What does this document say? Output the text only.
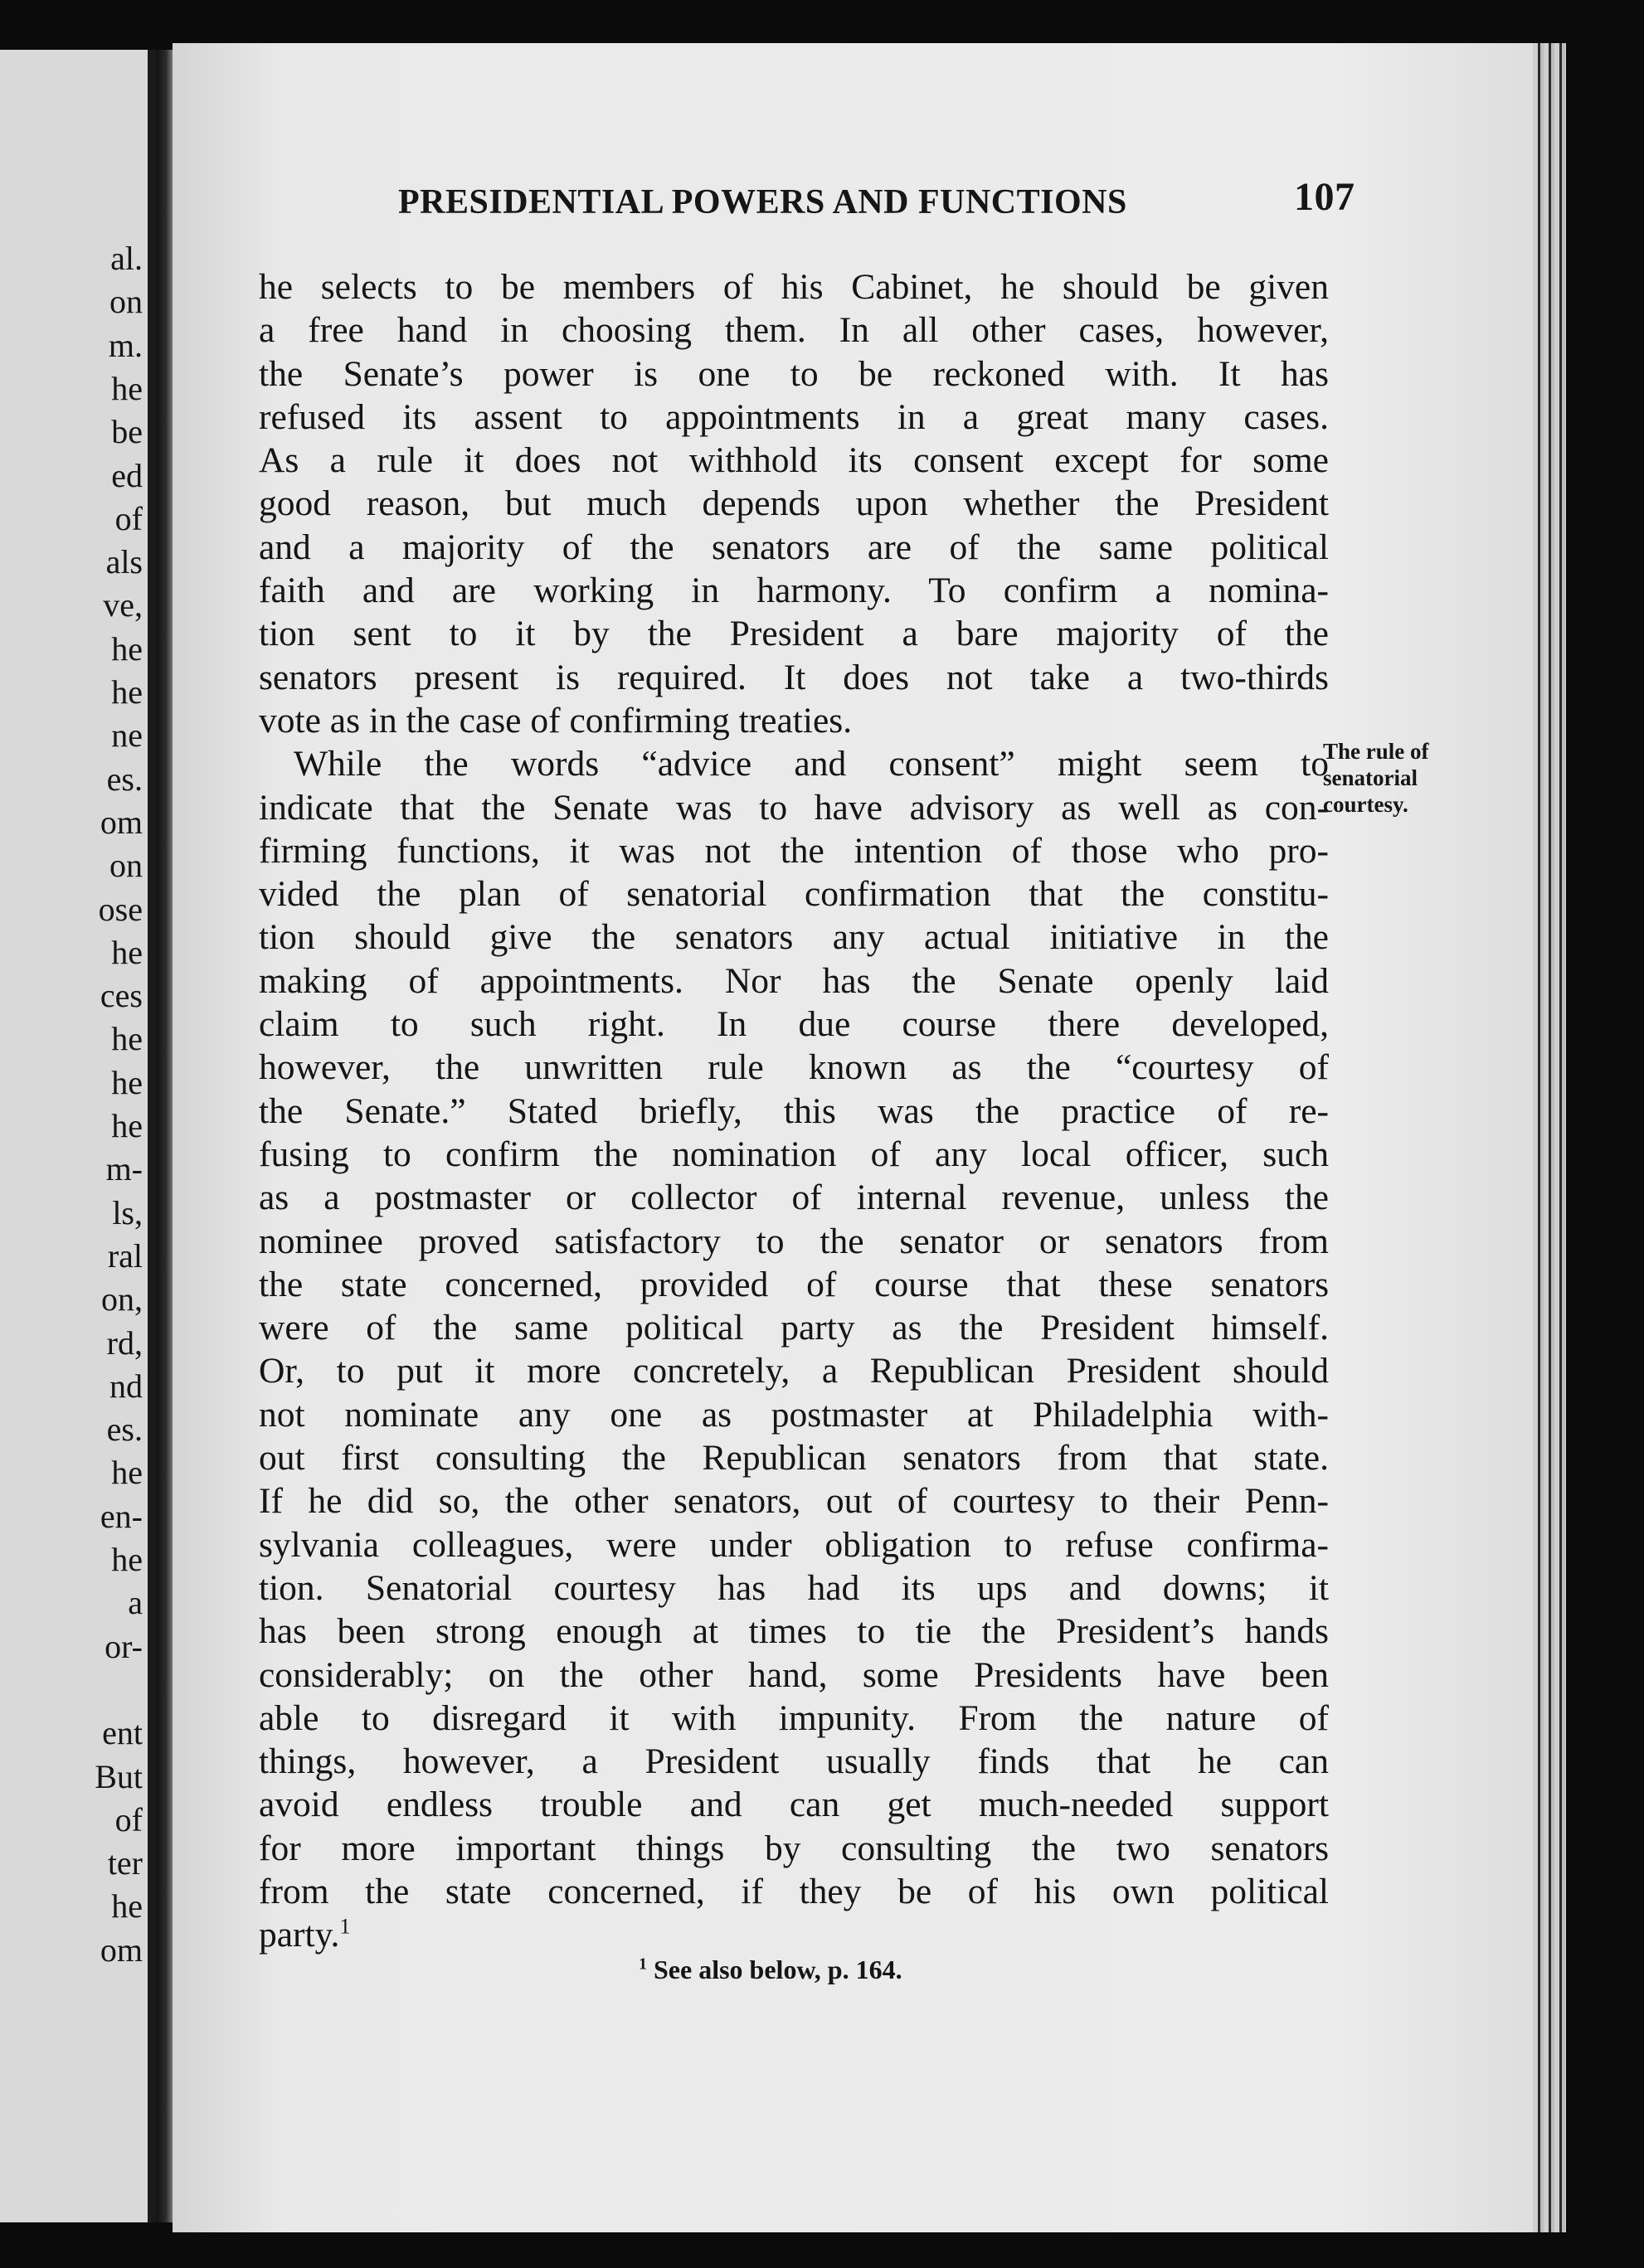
al.
on
m.
he
be
ed
of
als
ve,
he
he
ne
es.
om
on
ose
he
ces
he
he
he
m-
ls,
ral
on,
rd,
nd
es.
he
en-
he
a
or-
ent
But
of
ter
he
om
PRESIDENTIAL POWERS AND FUNCTIONS	107
he selects to be members of his Cabinet, he should be given
a free hand in choosing them. In all other cases, however,
the Senate’s power is one to be reckoned with. It has
refused its assent to appointments in a great many cases.
As a rule it does not withhold its consent except for some
good reason, but much depends upon whether the President
and a majority of the senators are of the same political
faith and are working in harmony. To confirm a nomina-
tion sent to it by the President a bare majority of the
senators present is required. It does not take a two-thirds
vote as in the case of confirming treaties.
While the words “advice and consent” might seem to
indicate that the Senate was to have advisory as well as con-
firming functions, it was not the intention of those who pro-
vided the plan of senatorial confirmation that the constitu-
tion should give the senators any actual initiative in the
making of appointments. Nor has the Senate openly laid
claim to such right. In due course there developed,
however, the unwritten rule known as the “courtesy of
the Senate.” Stated briefly, this was the practice of re-
fusing to confirm the nomination of any local officer, such
as a postmaster or collector of internal revenue, unless the
nominee proved satisfactory to the senator or senators from
the state concerned, provided of course that these senators
were of the same political party as the President himself.
Or, to put it more concretely, a Republican President should
not nominate any one as postmaster at Philadelphia with-
out first consulting the Republican senators from that state.
If he did so, the other senators, out of courtesy to their Penn-
sylvania colleagues, were under obligation to refuse confirma-
tion. Senatorial courtesy has had its ups and downs; it
has been strong enough at times to tie the President’s hands
considerably; on the other hand, some Presidents have been
able to disregard it with impunity. From the nature of
things, however, a President usually finds that he can
avoid endless trouble and can get much-needed support
for more important things by consulting the two senators
from the state concerned, if they be of his own political
party.$^1$
The rule of
senatorial
courtesy.
$^1$ See also below, p. 164.
